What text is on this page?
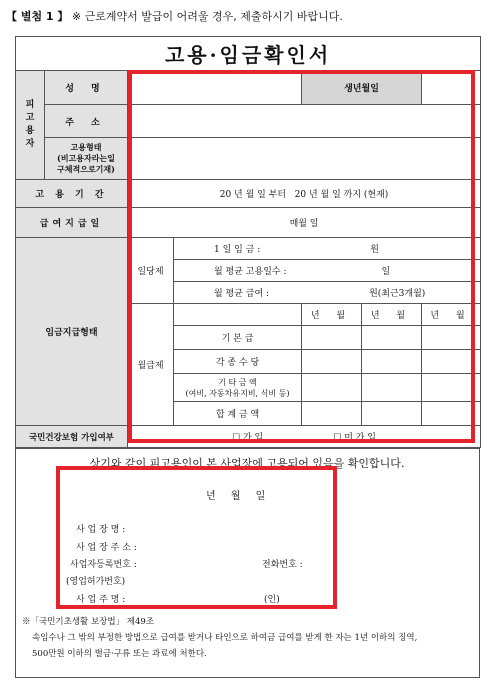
【 별첨 1 】 ※ 근로계약서 발급이 어려울 경우, 제출하시기 바랍니다.
고용·임금확인서						
피
고
용
자	성 명			생년월일		
	주 소					
	고용형태
(비고용자라는일
구체적으로기재)					
고 용 기 간		20 년 월 일 부터   20 년 월 일 까지 (현재)				
급여지급일		매월 일				
임금지급형태		일당제	1 일 임 금 : 원			
			월 평균 고용일수 : 일			
			월 평균 급여 : 원(최근3개월)			
		월급제		년 월	년 월	년 월
			기 본 급			
			각 종 수 당			
			기 타 금 액
(여비, 자동차유지비, 식비 등)			
			합 계 금 액			
국민건강보험 가입여부		☐ 가 입 ☐ 미 가 입				
상기와 같이 피고용인이 본 사업장에 고용되어 있음을 확인합니다.
년 월 일
사 업 장 명 :
사 업 장 주 소 :
사업자등록번호 :	전화번호 :
(영업허가번호)
사 업 주 명 :	(인)
※「국민기초생활 보장법」 제49조
속임수나 그 밖의 부정한 방법으로 급여를 받거나 타인으로 하여금 급여를 받게 한 자는 1년 이하의 징역,
500만원 이하의 벌금·구류 또는 과료에 처한다.
